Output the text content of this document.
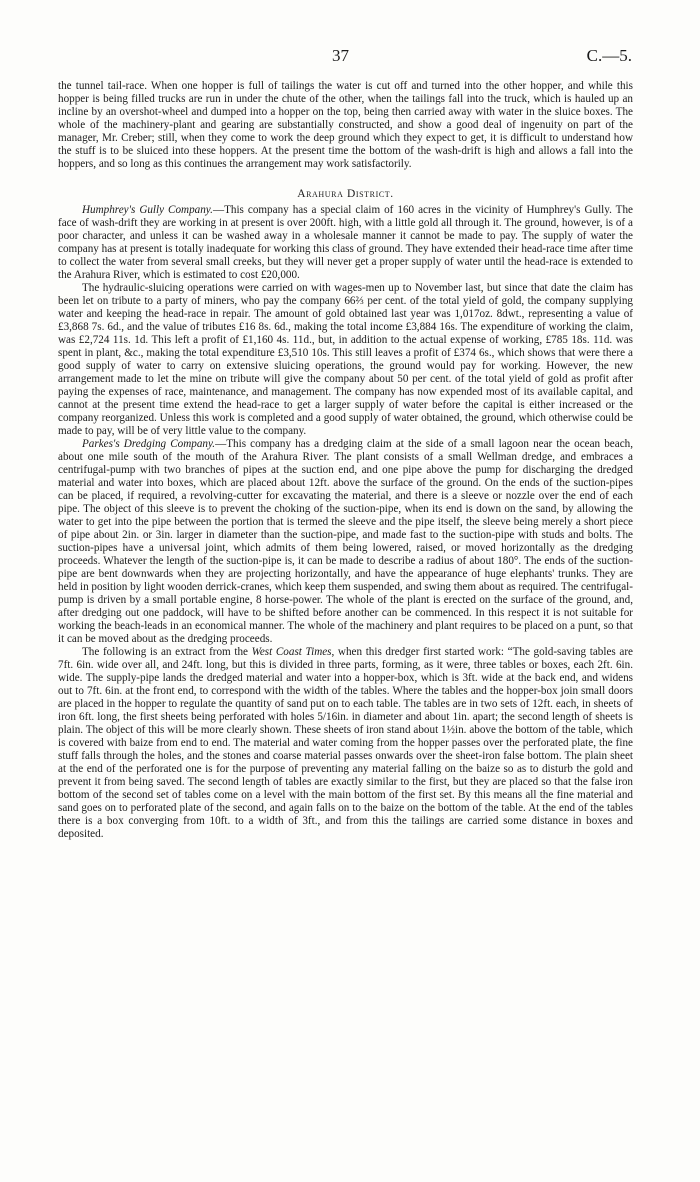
37	C.—5.

the tunnel tail-race. When one hopper is full of tailings the water is cut off and turned into the other hopper, and while this hopper is being filled trucks are run in under the chute of the other, when the tailings fall into the truck, which is hauled up an incline by an overshot-wheel and dumped into a hopper on the top, being then carried away with water in the sluice boxes. The whole of the machinery-plant and gearing are substantially constructed, and show a good deal of ingenuity on part of the manager, Mr. Creber; still, when they come to work the deep ground which they expect to get, it is difficult to understand how the stuff is to be sluiced into these hoppers. At the present time the bottom of the wash-drift is high and allows a fall into the hoppers, and so long as this continues the arrangement may work satisfactorily.

Arahura District.

Humphrey's Gully Company.—This company has a special claim of 160 acres in the vicinity of Humphrey's Gully. The face of wash-drift they are working in at present is over 200ft. high, with a little gold all through it. The ground, however, is of a poor character, and unless it can be washed away in a wholesale manner it cannot be made to pay. The supply of water the company has at present is totally inadequate for working this class of ground. They have extended their head-race time after time to collect the water from several small creeks, but they will never get a proper supply of water until the head-race is extended to the Arahura River, which is estimated to cost £20,000.

The hydraulic-sluicing operations were carried on with wages-men up to November last, but since that date the claim has been let on tribute to a party of miners, who pay the company 66⅔ per cent. of the total yield of gold, the company supplying water and keeping the head-race in repair. The amount of gold obtained last year was 1,017oz. 8dwt., representing a value of £3,868 7s. 6d., and the value of tributes £16 8s. 6d., making the total income £3,884 16s. The expenditure of working the claim, was £2,724 11s. 1d. This left a profit of £1,160 4s. 11d., but, in addition to the actual expense of working, £785 18s. 11d. was spent in plant, &c., making the total expenditure £3,510 10s. This still leaves a profit of £374 6s., which shows that were there a good supply of water to carry on extensive sluicing operations, the ground would pay for working. However, the new arrangement made to let the mine on tribute will give the company about 50 per cent. of the total yield of gold as profit after paying the expenses of race, maintenance, and management. The company has now expended most of its available capital, and cannot at the present time extend the head-race to get a larger supply of water before the capital is either increased or the company reorganized. Unless this work is completed and a good supply of water obtained, the ground, which otherwise could be made to pay, will be of very little value to the company.

Parkes's Dredging Company.—This company has a dredging claim at the side of a small lagoon near the ocean beach, about one mile south of the mouth of the Arahura River. The plant consists of a small Wellman dredge, and embraces a centrifugal-pump with two branches of pipes at the suction end, and one pipe above the pump for discharging the dredged material and water into boxes, which are placed about 12ft. above the surface of the ground. On the ends of the suction-pipes can be placed, if required, a revolving-cutter for excavating the material, and there is a sleeve or nozzle over the end of each pipe. The object of this sleeve is to prevent the choking of the suction-pipe, when its end is down on the sand, by allowing the water to get into the pipe between the portion that is termed the sleeve and the pipe itself, the sleeve being merely a short piece of pipe about 2in. or 3in. larger in diameter than the suction-pipe, and made fast to the suction-pipe with studs and bolts. The suction-pipes have a universal joint, which admits of them being lowered, raised, or moved horizontally as the dredging proceeds. Whatever the length of the suction-pipe is, it can be made to describe a radius of about 180°. The ends of the suction-pipe are bent downwards when they are projecting horizontally, and have the appearance of huge elephants' trunks. They are held in position by light wooden derrick-cranes, which keep them suspended, and swing them about as required. The centrifugal-pump is driven by a small portable engine, 8 horse-power. The whole of the plant is erected on the surface of the ground, and, after dredging out one paddock, will have to be shifted before another can be commenced. In this respect it is not suitable for working the beach-leads in an economical manner. The whole of the machinery and plant requires to be placed on a punt, so that it can be moved about as the dredging proceeds.

The following is an extract from the West Coast Times, when this dredger first started work: “The gold-saving tables are 7ft. 6in. wide over all, and 24ft. long, but this is divided in three parts, forming, as it were, three tables or boxes, each 2ft. 6in. wide. The supply-pipe lands the dredged material and water into a hopper-box, which is 3ft. wide at the back end, and widens out to 7ft. 6in. at the front end, to correspond with the width of the tables. Where the tables and the hopper-box join small doors are placed in the hopper to regulate the quantity of sand put on to each table. The tables are in two sets of 12ft. each, in sheets of iron 6ft. long, the first sheets being perforated with holes 5/16in. in diameter and about 1in. apart; the second length of sheets is plain. The object of this will be more clearly shown. These sheets of iron stand about 1½in. above the bottom of the table, which is covered with baize from end to end. The material and water coming from the hopper passes over the perforated plate, the fine stuff falls through the holes, and the stones and coarse material passes onwards over the sheet-iron false bottom. The plain sheet at the end of the perforated one is for the purpose of preventing any material falling on the baize so as to disturb the gold and prevent it from being saved. The second length of tables are exactly similar to the first, but they are placed so that the false iron bottom of the second set of tables come on a level with the main bottom of the first set. By this means all the fine material and sand goes on to perforated plate of the second, and again falls on to the baize on the bottom of the table. At the end of the tables there is a box converging from 10ft. to a width of 3ft., and from this the tailings are carried some distance in boxes and deposited.
